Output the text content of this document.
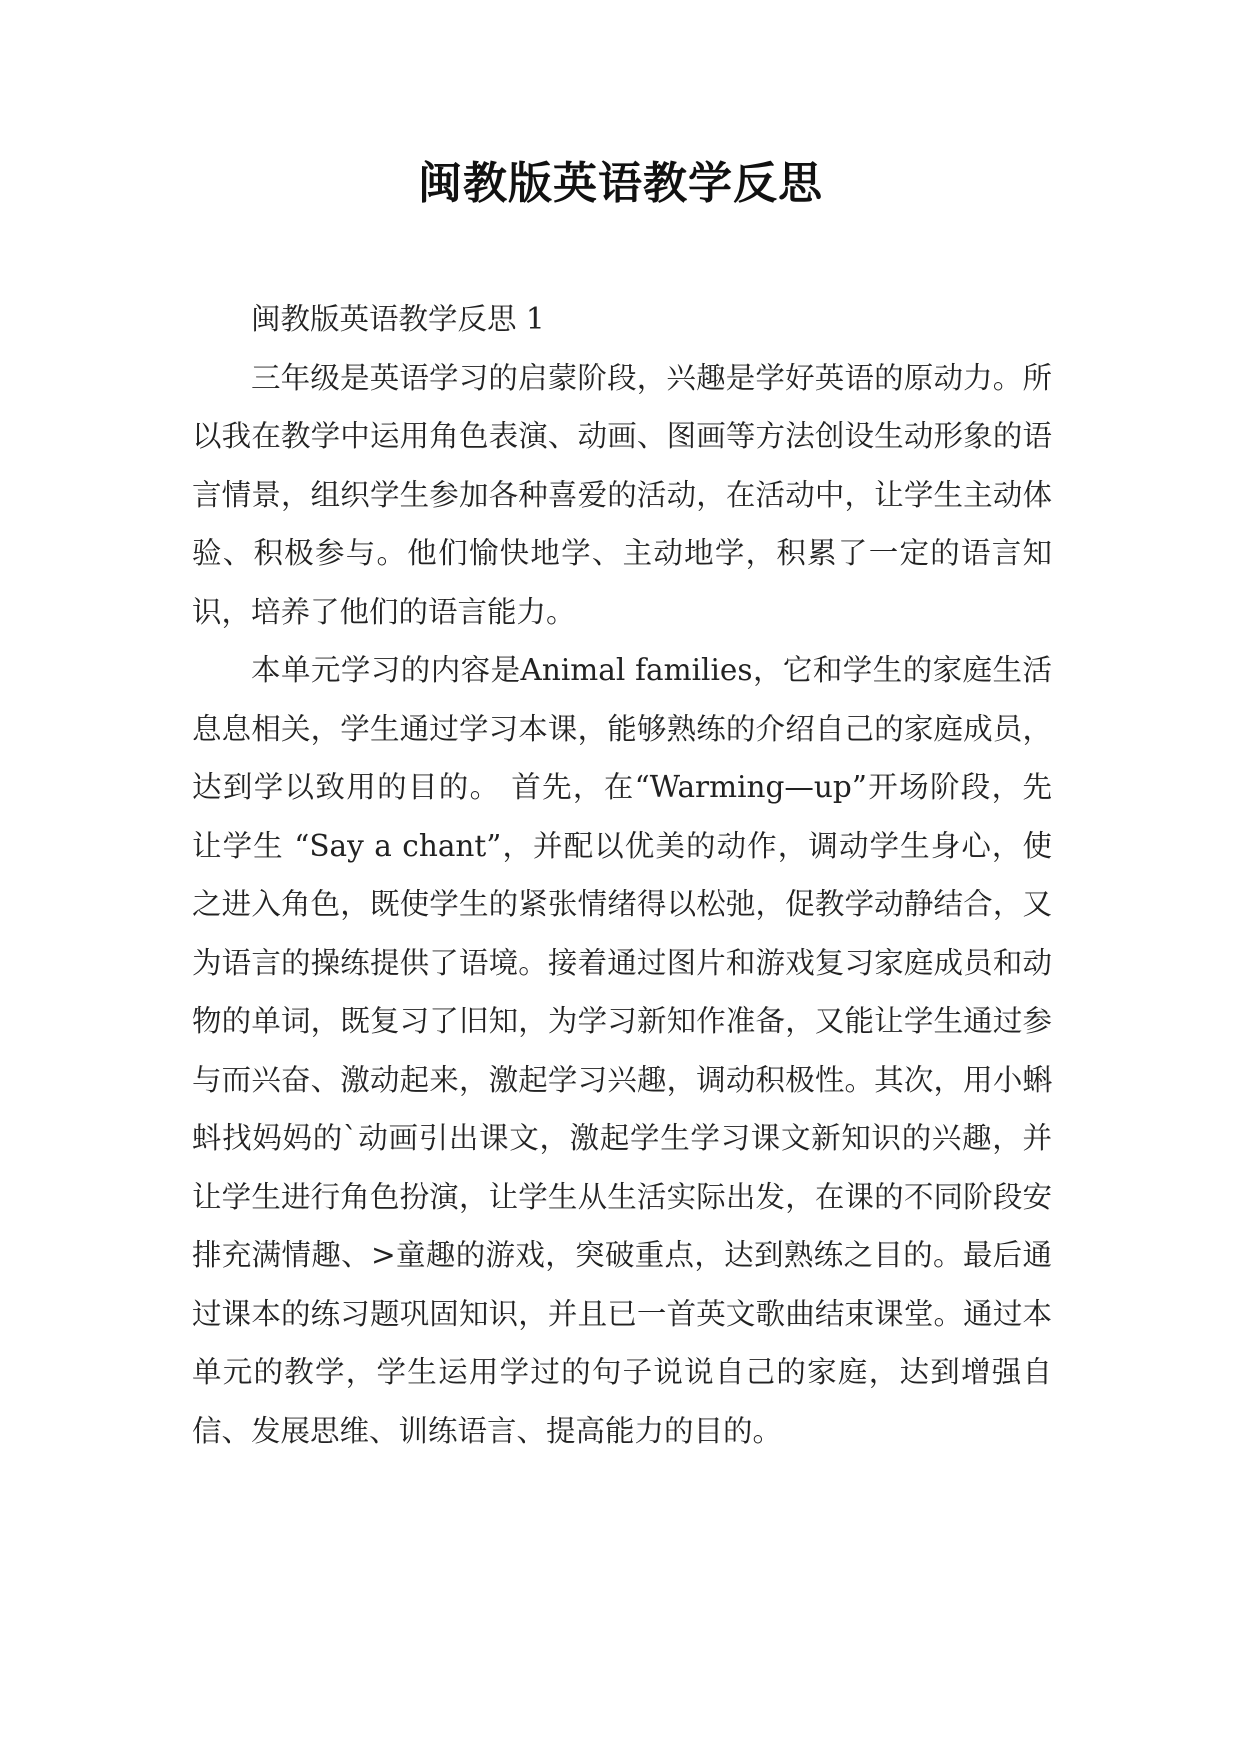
闽教版英语教学反思

闽教版英语教学反思 1

三年级是英语学习的启蒙阶段，兴趣是学好英语的原动力。所以我在教学中运用角色表演、动画、图画等方法创设生动形象的语言情景，组织学生参加各种喜爱的活动，在活动中，让学生主动体验、积极参与。他们愉快地学、主动地学，积累了一定的语言知识，培养了他们的语言能力。

本单元学习的内容是Animal families，它和学生的家庭生活息息相关，学生通过学习本课，能够熟练的介绍自己的家庭成员，达到学以致用的目的。 首先，在“Warming—up”开场阶段，先让学生 “Say a chant”，并配以优美的动作，调动学生身心，使之进入角色，既使学生的紧张情绪得以松弛，促教学动静结合，又为语言的操练提供了语境。接着通过图片和游戏复习家庭成员和动物的单词，既复习了旧知，为学习新知作准备，又能让学生通过参与而兴奋、激动起来，激起学习兴趣，调动积极性。其次，用小蝌蚪找妈妈的`动画引出课文，激起学生学习课文新知识的兴趣，并让学生进行角色扮演，让学生从生活实际出发，在课的不同阶段安排充满情趣、>童趣的游戏，突破重点，达到熟练之目的。最后通过课本的练习题巩固知识，并且已一首英文歌曲结束课堂。通过本单元的教学，学生运用学过的句子说说自己的家庭，达到增强自信、发展思维、训练语言、提高能力的目的。
